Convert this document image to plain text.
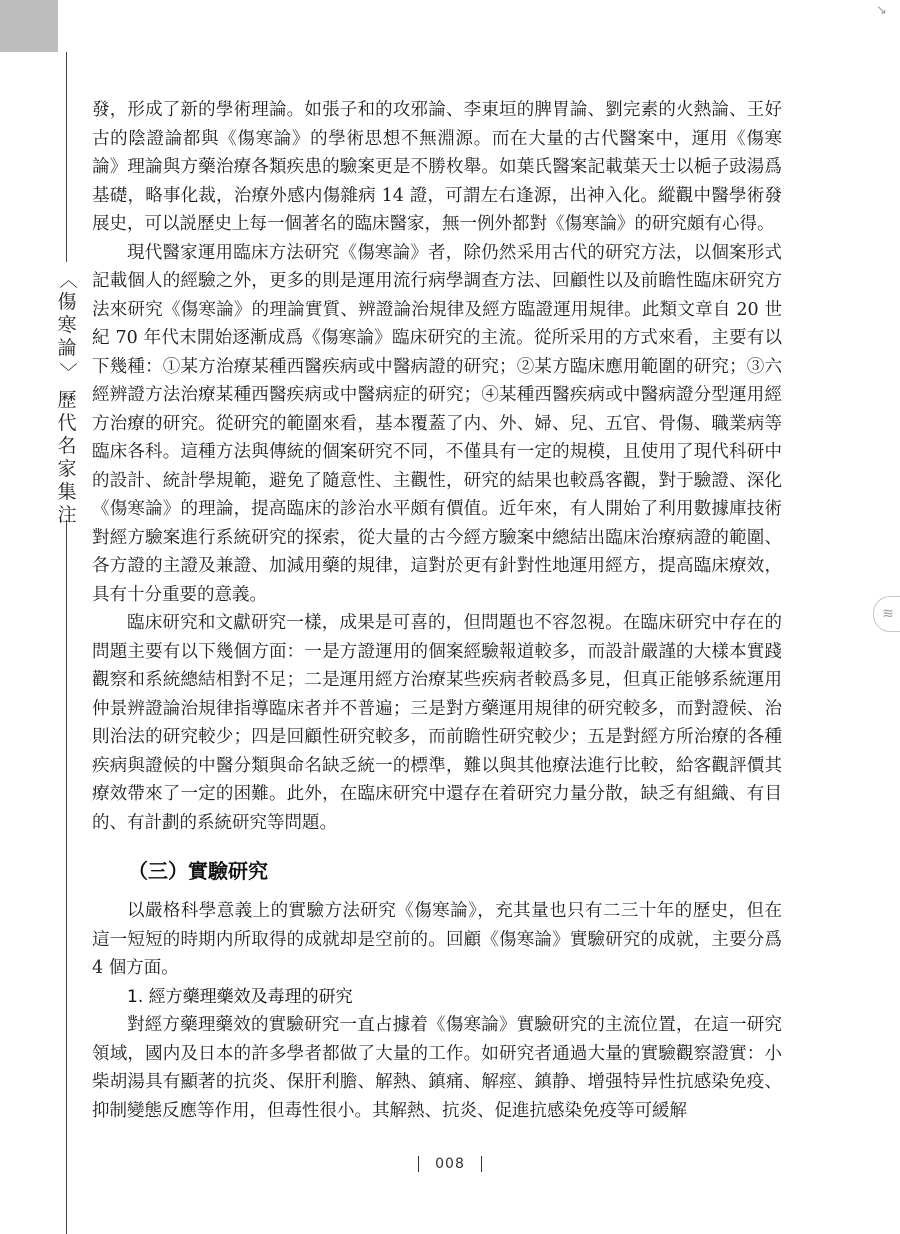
↘
〈
傷
寒
論
〉
歷
代
名
家
集
注
≋

發，形成了新的學術理論。如張子和的攻邪論、李東垣的脾胃論、劉完素的火熱論、王好古的陰證論都與《傷寒論》的學術思想不無淵源。而在大量的古代醫案中，運用《傷寒論》理論與方藥治療各類疾患的驗案更是不勝枚舉。如葉氏醫案記載葉天士以梔子豉湯爲基礎，略事化裁，治療外感内傷雜病 14 證，可謂左右逢源，出神入化。縱觀中醫學術發展史，可以説歷史上每一個著名的臨床醫家，無一例外都對《傷寒論》的研究頗有心得。

現代醫家運用臨床方法研究《傷寒論》者，除仍然采用古代的研究方法，以個案形式記載個人的經驗之外，更多的則是運用流行病學調查方法、回顧性以及前瞻性臨床研究方法來研究《傷寒論》的理論實質、辨證論治規律及經方臨證運用規律。此類文章自 20 世紀 70 年代末開始逐漸成爲《傷寒論》臨床研究的主流。從所采用的方式來看，主要有以下幾種：①某方治療某種西醫疾病或中醫病證的研究；②某方臨床應用範圍的研究；③六經辨證方法治療某種西醫疾病或中醫病症的研究；④某種西醫疾病或中醫病證分型運用經方治療的研究。從研究的範圍來看，基本覆蓋了内、外、婦、兒、五官、骨傷、職業病等臨床各科。這種方法與傳統的個案研究不同，不僅具有一定的規模，且使用了現代科研中的設計、統計學規範，避免了隨意性、主觀性，研究的結果也較爲客觀，對于驗證、深化《傷寒論》的理論，提高臨床的診治水平頗有價值。近年來，有人開始了利用數據庫技術對經方驗案進行系統研究的探索，從大量的古今經方驗案中總結出臨床治療病證的範圍、各方證的主證及兼證、加減用藥的規律，這對於更有針對性地運用經方，提高臨床療效，具有十分重要的意義。

臨床研究和文獻研究一樣，成果是可喜的，但問題也不容忽視。在臨床研究中存在的問題主要有以下幾個方面：一是方證運用的個案經驗報道較多，而設計嚴謹的大樣本實踐觀察和系統總結相對不足；二是運用經方治療某些疾病者較爲多見，但真正能够系統運用仲景辨證論治規律指導臨床者并不普遍；三是對方藥運用規律的研究較多，而對證候、治則治法的研究較少；四是回顧性研究較多，而前瞻性研究較少；五是對經方所治療的各種疾病與證候的中醫分類與命名缺乏統一的標準，難以與其他療法進行比較，給客觀評價其療效帶來了一定的困難。此外，在臨床研究中還存在着研究力量分散，缺乏有組織、有目的、有計劃的系統研究等問題。

（三）實驗研究

以嚴格科學意義上的實驗方法研究《傷寒論》，充其量也只有二三十年的歷史，但在這一短短的時期内所取得的成就却是空前的。回顧《傷寒論》實驗研究的成就，主要分爲 4 個方面。

1. 經方藥理藥效及毒理的研究

對經方藥理藥效的實驗研究一直占據着《傷寒論》實驗研究的主流位置，在這一研究領域，國内及日本的許多學者都做了大量的工作。如研究者通過大量的實驗觀察證實：小柴胡湯具有顯著的抗炎、保肝利膽、解熱、鎮痛、解痙、鎮静、增强特异性抗感染免疫、抑制變態反應等作用，但毒性很小。其解熱、抗炎、促進抗感染免疫等可緩解

008
